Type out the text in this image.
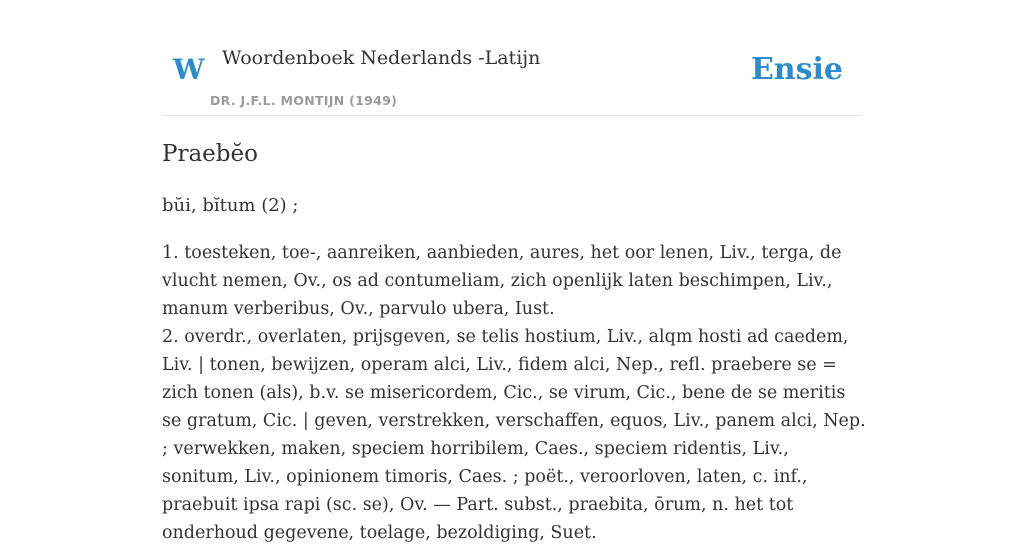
W Woordenboek Nederlands -Latijn
DR. J.F.L. MONTIJN (1949)
Ensie
Praebĕo

bŭi, bĭtum (2) ;

1. toesteken, toe-, aanreiken, aanbieden, aures, het oor lenen, Liv., terga, de vlucht nemen, Ov., os ad contumeliam, zich openlijk laten beschimpen, Liv., manum verberibus, Ov., parvulo ubera, Iust.

2. overdr., overlaten, prijsgeven, se telis hostium, Liv., alqm hosti ad caedem, Liv. | tonen, bewijzen, operam alci, Liv., fidem alci, Nep., refl. praebere se = zich tonen (als), b.v. se misericordem, Cic., se virum, Cic., bene de se meritis se gratum, Cic. | geven, verstrekken, verschaffen, equos, Liv., panem alci, Nep. ; verwekken, maken, speciem horribilem, Caes., speciem ridentis, Liv., sonitum, Liv., opinionem timoris, Caes. ; poët., veroorloven, laten, c. inf., praebuit ipsa rapi (sc. se), Ov. — Part. subst., praebita, ōrum, n. het tot onderhoud gegevene, toelage, bezoldiging, Suet.
